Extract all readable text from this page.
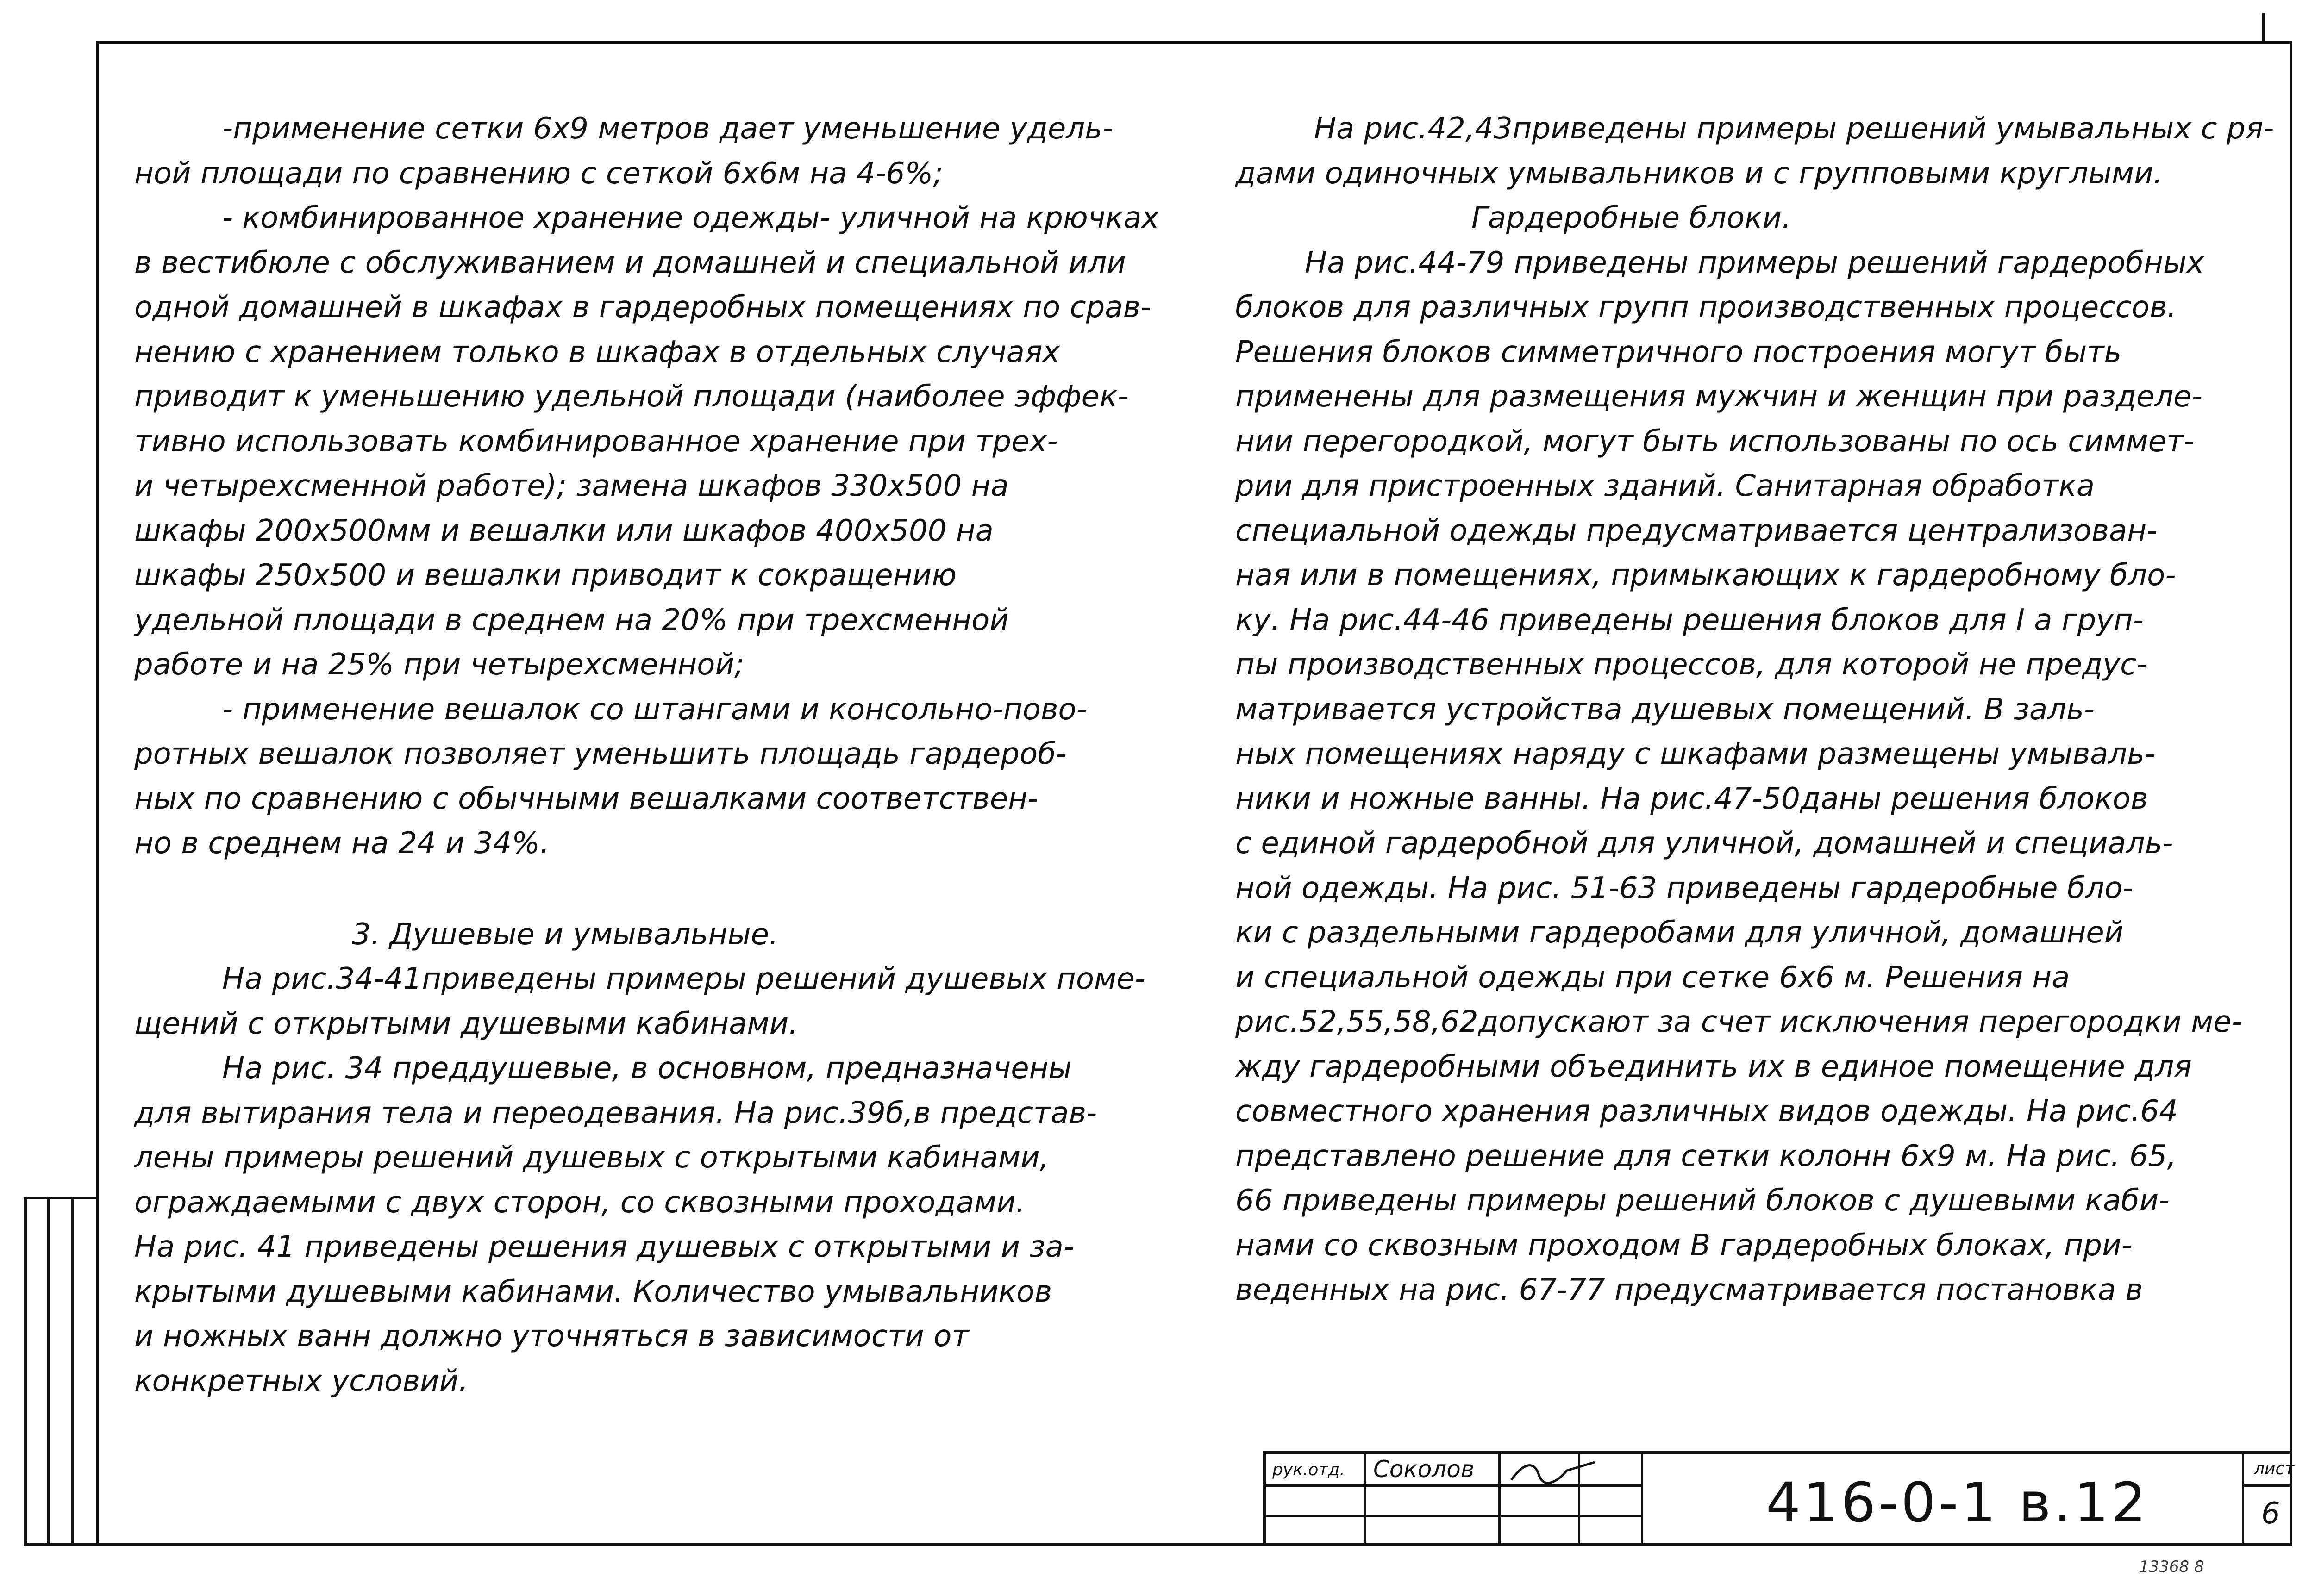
-применение сетки 6х9 метров дает уменьшение удель-
ной площади по сравнению с сеткой 6х6м на 4-6%;
- комбинированное хранение одежды- уличной на крючках
в вестибюле с обслуживанием и домашней и специальной или
одной домашней в шкафах в гардеробных помещениях по срав-
нению с хранением только в шкафах в отдельных случаях
приводит к уменьшению удельной площади (наиболее эффек-
тивно использовать комбинированное хранение при трех-
и четырехсменной работе); замена шкафов 330х500 на
шкафы 200х500мм и вешалки или шкафов 400х500 на
шкафы 250х500 и вешалки приводит к сокращению
удельной площади в среднем на 20% при трехсменной
работе и на 25% при четырехсменной;
- применение вешалок со штангами и консольно-пово-
ротных вешалок позволяет уменьшить площадь гардероб-
ных по сравнению с обычными вешалками соответствен-
но в среднем на 24 и 34%.
3. Душевые и умывальные.
На рис.34-41приведены примеры решений душевых поме-
щений с открытыми душевыми кабинами.
На рис. 34 преддушевые, в основном, предназначены
для вытирания тела и переодевания. На рис.39б,в представ-
лены примеры решений душевых с открытыми кабинами,
ограждаемыми с двух сторон, со сквозными проходами.
На рис. 41 приведены решения душевых с открытыми и за-
крытыми душевыми кабинами. Количество умывальников
и ножных ванн должно уточняться в зависимости от
конкретных условий.
На рис.42,43приведены примеры решений умывальных с ря-
дами одиночных умывальников и с групповыми круглыми.
Гардеробные блоки.
На рис.44-79 приведены примеры решений гардеробных
блоков для различных групп производственных процессов.
Решения блоков симметричного построения могут быть
применены для размещения мужчин и женщин при разделе-
нии перегородкой, могут быть использованы по ось симмет-
рии для пристроенных зданий. Санитарная обработка
специальной одежды предусматривается централизован-
ная или в помещениях, примыкающих к гардеробному бло-
ку. На рис.44-46 приведены решения блоков для I а груп-
пы производственных процессов, для которой не предус-
матривается устройства душевых помещений. В заль-
ных помещениях наряду с шкафами размещены умываль-
ники и ножные ванны. На рис.47-50даны решения блоков
с единой гардеробной для уличной, домашней и специаль-
ной одежды. На рис. 51-63 приведены гардеробные бло-
ки с раздельными гардеробами для уличной, домашней
и специальной одежды при сетке 6х6 м. Решения на
рис.52,55,58,62допускают за счет исключения перегородки ме-
жду гардеробными объединить их в единое помещение для
совместного хранения различных видов одежды. На рис.64
представлено решение для сетки колонн 6х9 м. На рис. 65,
66 приведены примеры решений блоков с душевыми каби-
нами со сквозным проходом В гардеробных блоках, при-
веденных на рис. 67-77 предусматривается постановка в
рук.отд. Соколов
416-0-1 в.12
лист
6
13368 8
